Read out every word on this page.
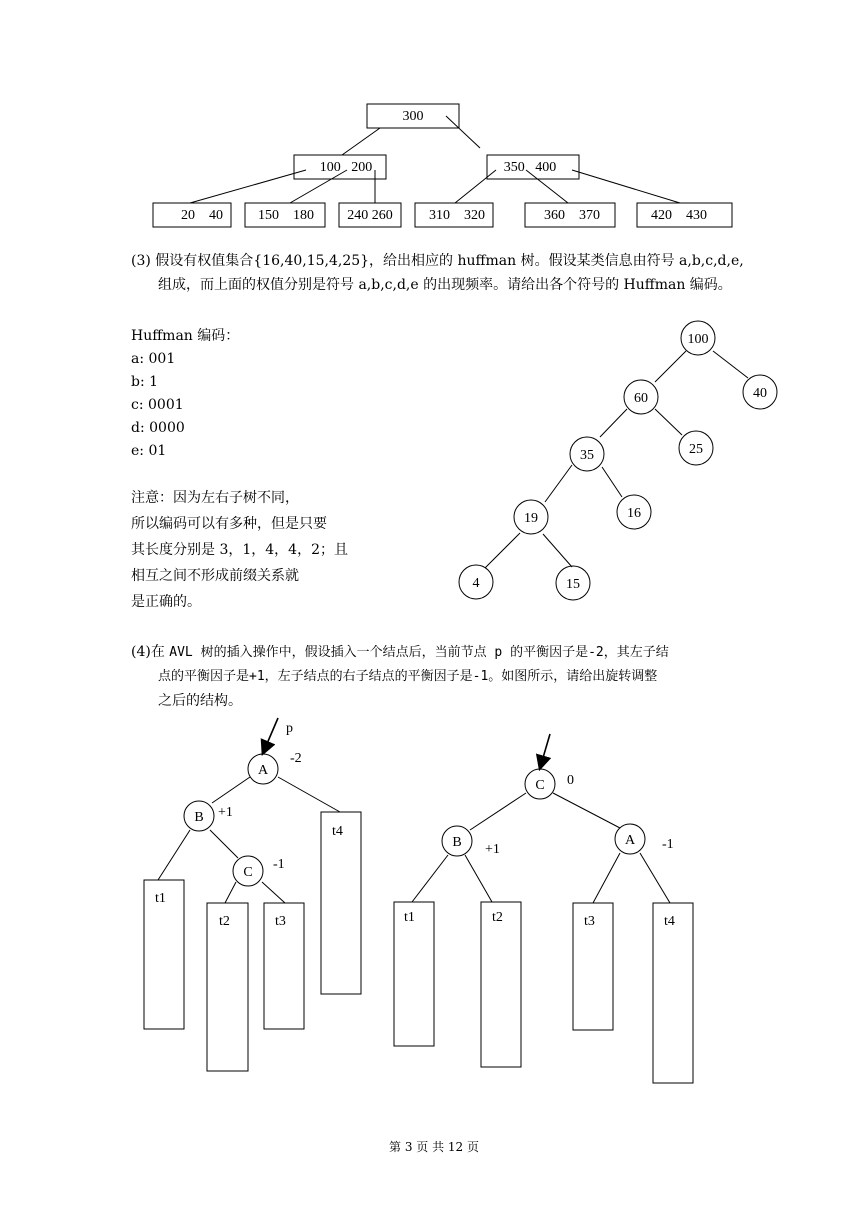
300
100   200	350   400
20    40	150    180 240 260	310    320	360    370	420    430
(3) 假设有权值集合{16,40,15,4,25}，给出相应的 huffman 树。假设某类信息由符号 a,b,c,d,e,
组成，而上面的权值分别是符号 a,b,c,d,e 的出现频率。请给出各个符号的 Huffman 编码。
Huffman 编码：
a: 001
b: 1
c: 0001
d: 0000
e: 01
注意：因为左右子树不同，
所以编码可以有多种，但是只要
其长度分别是 3，1，4，4，2；且
相互之间不形成前缀关系就
是正确的。
100
60	40
35	25
19	16
4	15
(4)在 AVL 树的插入操作中，假设插入一个结点后，当前节点 p 的平衡因子是-2，其左子结
点的平衡因子是+1，左子结点的右子结点的平衡因子是-1。如图所示，请给出旋转调整
之后的结构。
p
A
B
C
-2
+1
-1
t1
t2	t3
t4
C
B	A
0
+1	-1
t1	t2	t3	t4
第 3 页 共 12 页
